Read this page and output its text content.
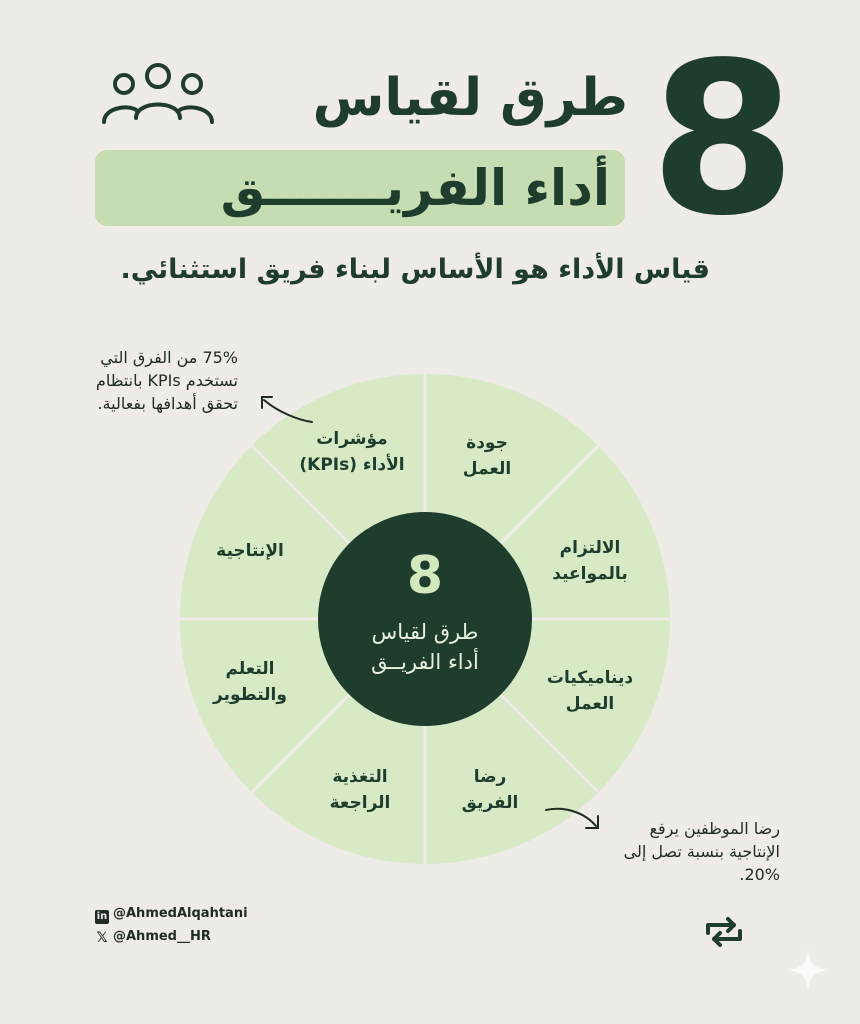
8
طرق لقياس
أداء الفريـــــــق
قياس الأداء هو الأساس لبناء فريق استثنائي.
75% من الفرق التي
تستخدم KPIs بانتظام
تحقق أهدافها بفعالية.
جودة
العمل
الالتزام
بالمواعيد
ديناميكيات
العمل
رضا
الفريق
التغذية
الراجعة
التعلم
والتطوير
الإنتاجية
مؤشرات
الأداء (KPIs)
8
طرق لقياس
أداء الفريــق
رضا الموظفين يرفع
الإنتاجية بنسبة تصل إلى
20%.
in @AhmedAlqahtani
𝕏 @Ahmed__HR
